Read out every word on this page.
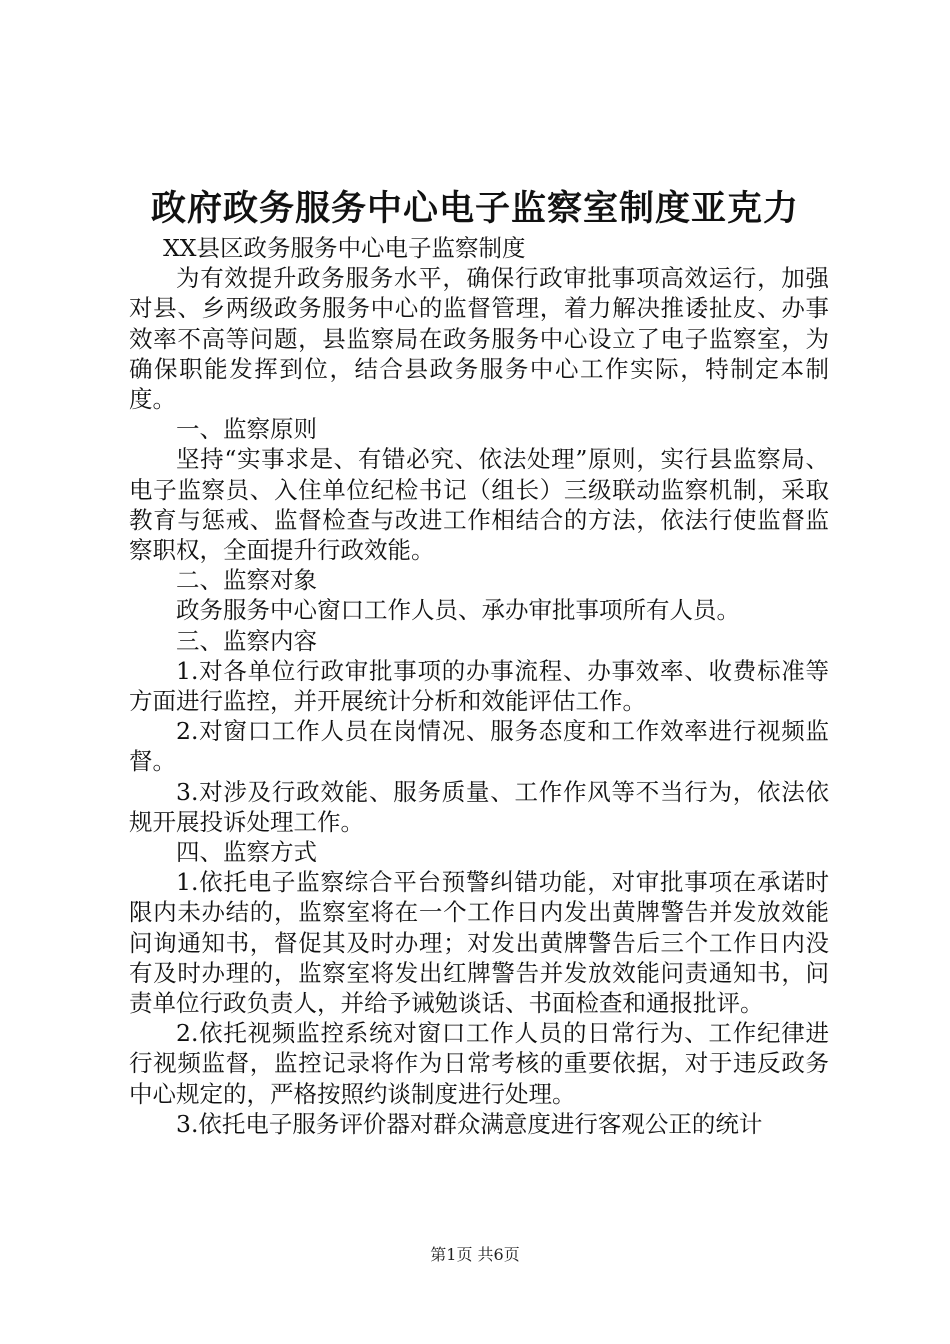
政府政务服务中心电子监察室制度亚克力

XX县区政务服务中心电子监察制度

为有效提升政务服务水平，确保行政审批事项高效运行，加强对县、乡两级政务服务中心的监督管理，着力解决推诿扯皮、办事效率不高等问题，县监察局在政务服务中心设立了电子监察室，为确保职能发挥到位，结合县政务服务中心工作实际，特制定本制度。

一、监察原则

坚持“实事求是、有错必究、依法处理”原则，实行县监察局、电子监察员、入住单位纪检书记（组长）三级联动监察机制，采取教育与惩戒、监督检查与改进工作相结合的方法，依法行使监督监察职权，全面提升行政效能。

二、监察对象

政务服务中心窗口工作人员、承办审批事项所有人员。

三、监察内容

1.对各单位行政审批事项的办事流程、办事效率、收费标准等方面进行监控，并开展统计分析和效能评估工作。

2.对窗口工作人员在岗情况、服务态度和工作效率进行视频监督。

3.对涉及行政效能、服务质量、工作作风等不当行为，依法依规开展投诉处理工作。

四、监察方式

1.依托电子监察综合平台预警纠错功能，对审批事项在承诺时限内未办结的，监察室将在一个工作日内发出黄牌警告并发放效能问询通知书，督促其及时办理；对发出黄牌警告后三个工作日内没有及时办理的，监察室将发出红牌警告并发放效能问责通知书，问责单位行政负责人，并给予诫勉谈话、书面检查和通报批评。

2.依托视频监控系统对窗口工作人员的日常行为、工作纪律进行视频监督，监控记录将作为日常考核的重要依据，对于违反政务中心规定的，严格按照约谈制度进行处理。

3.依托电子服务评价器对群众满意度进行客观公正的统计

第1页 共6页
